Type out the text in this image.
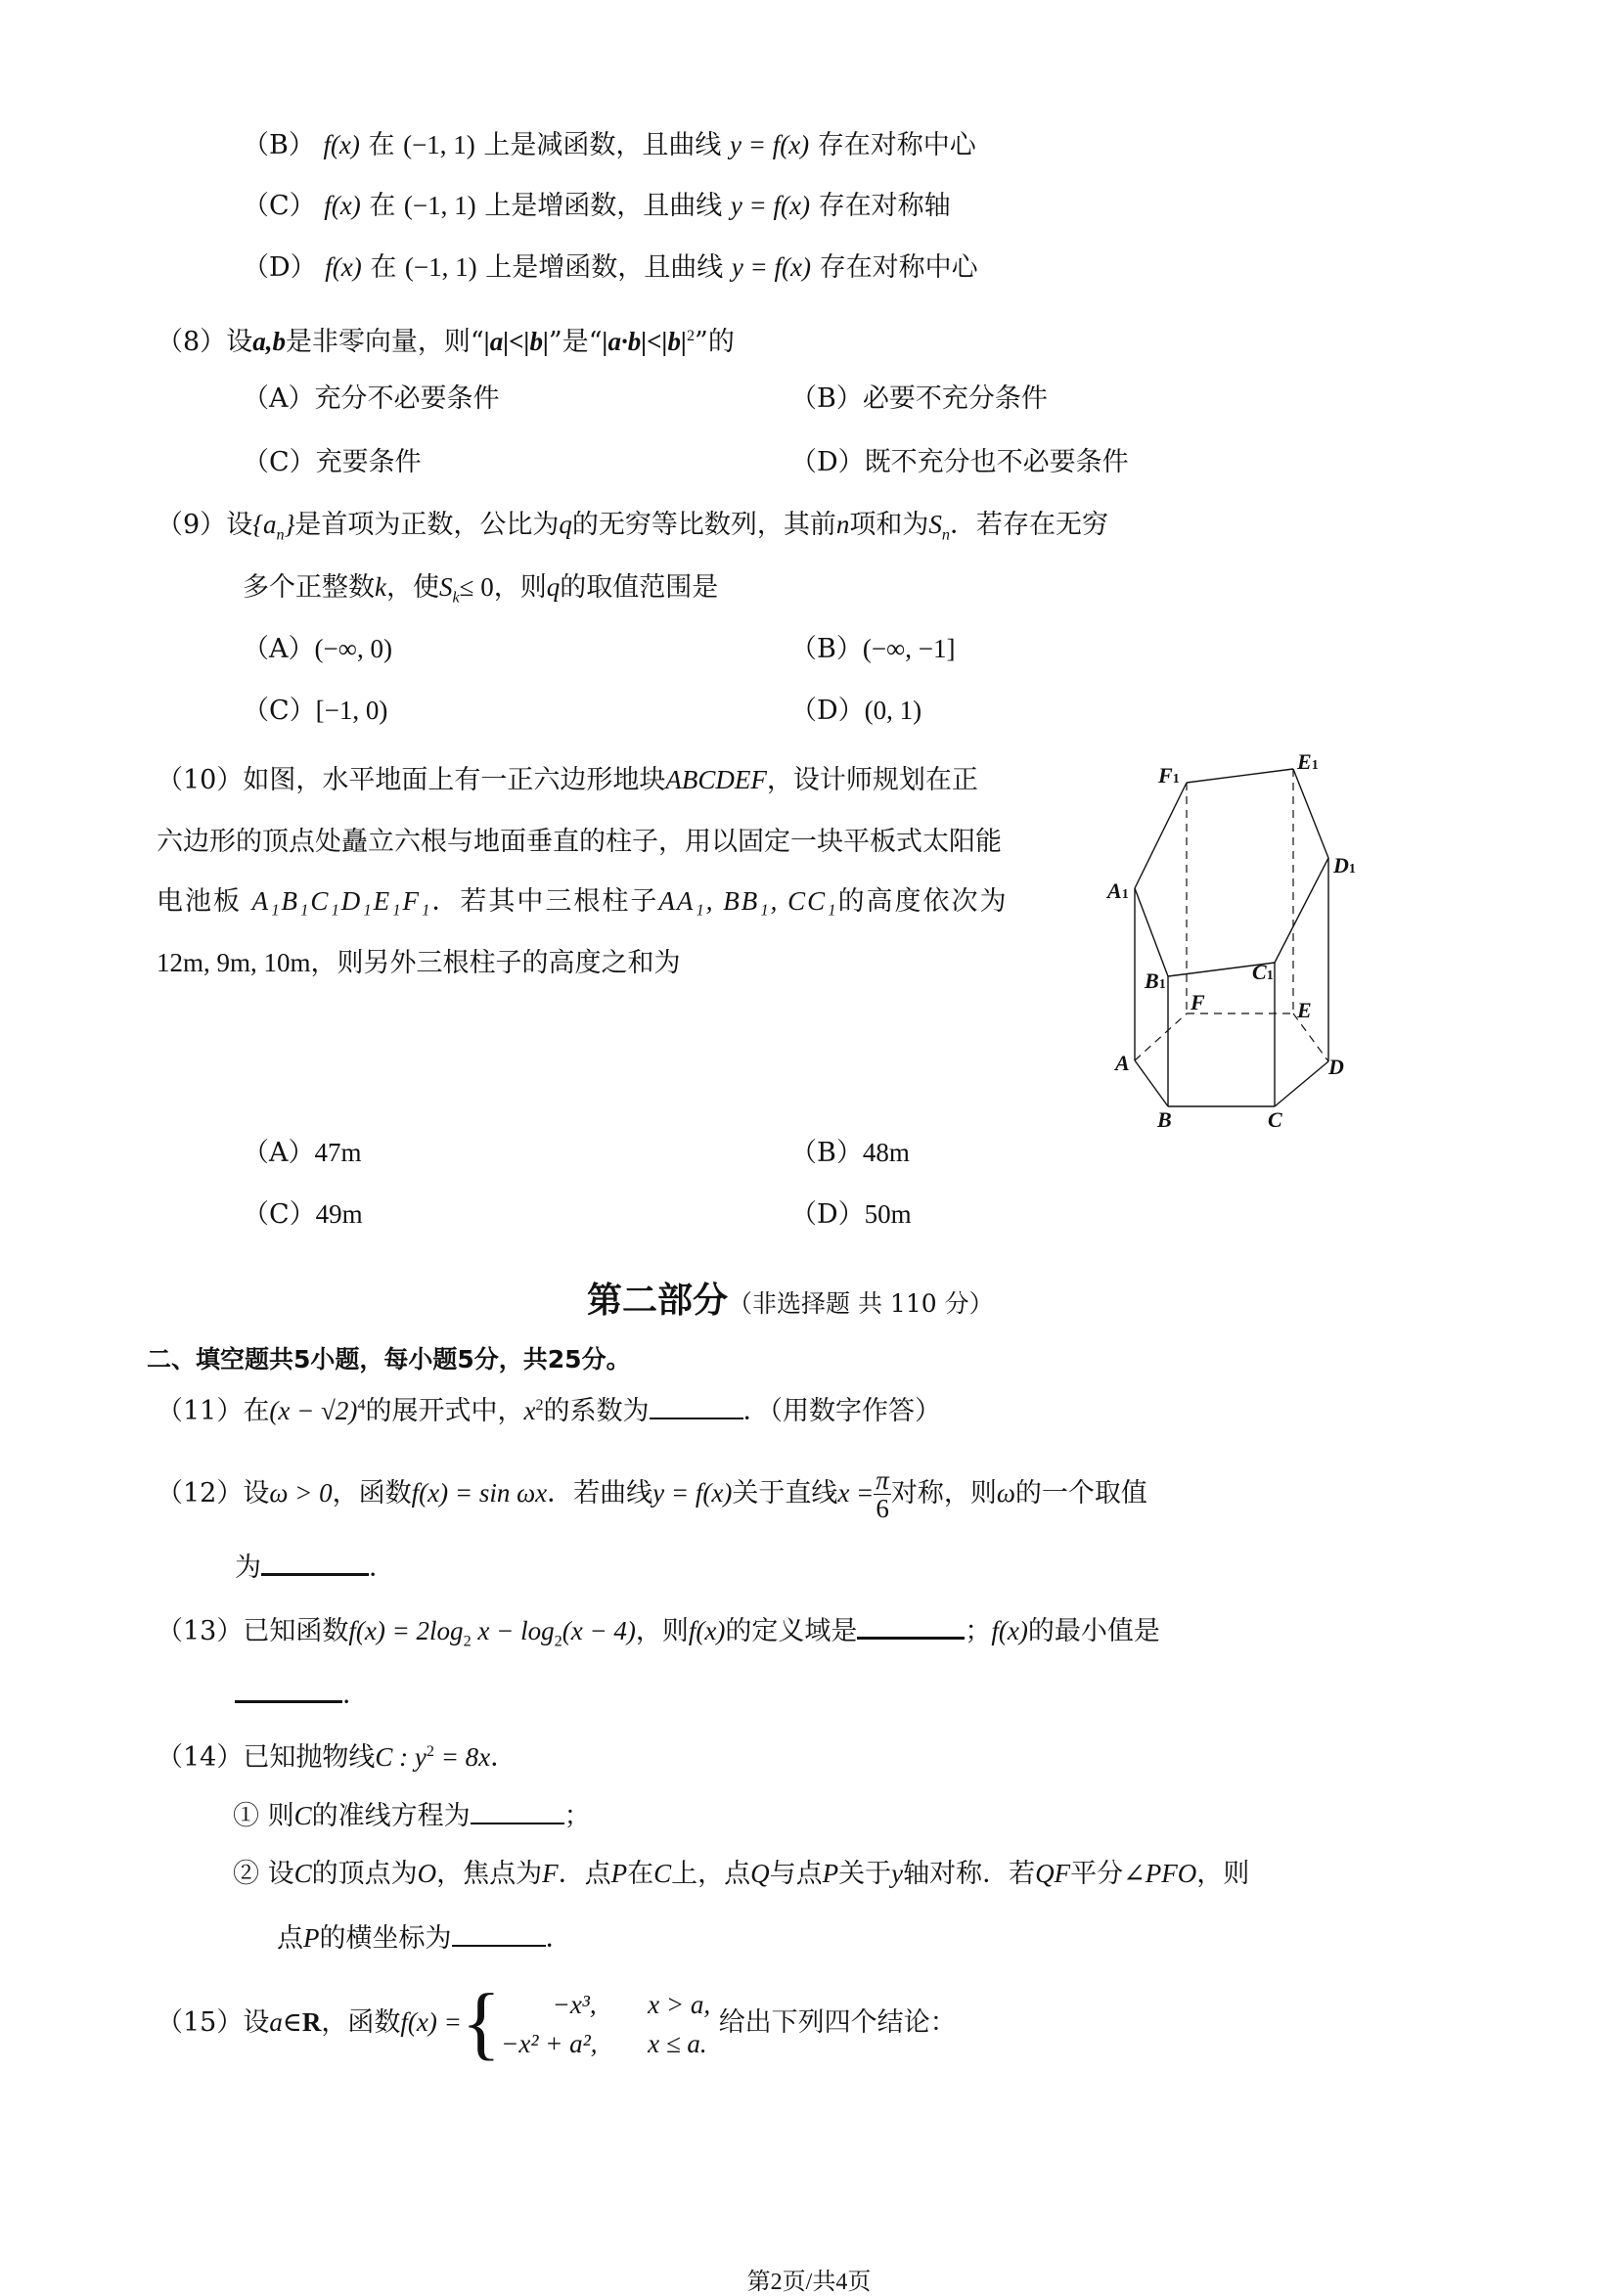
（B） f(x) 在 (−1, 1) 上是减函数，且曲线 y = f(x) 存在对称中心
（C） f(x) 在 (−1, 1) 上是增函数，且曲线 y = f(x) 存在对称轴
（D） f(x) 在 (−1, 1) 上是增函数，且曲线 y = f(x) 存在对称中心
（8）设a,b是非零向量，则“|a|<|b|”是“$|a\cdot b|<|b|^2$”的
（A）充分不必要条件	（B）必要不充分条件
（C）充要条件	（D）既不充分也不必要条件
（9）设$\{a_n\}$是首项为正数，公比为q的无穷等比数列，其前n项和为$S_n$．若存在无穷
多个正整数k，使$S_k\le 0$，则q的取值范围是
（A）(−∞, 0)	（B）(−∞, −1]
（C）[−1, 0)	（D）(0, 1)
（10）如图，水平地面上有一正六边形地块ABCDEF，设计师规划在正
六边形的顶点处矗立六根与地面垂直的柱子，用以固定一块平板式太阳能
电池板 A₁B₁C₁D₁E₁F₁．若其中三根柱子AA₁, BB₁, CC₁的高度依次为
12m, 9m, 10m，则另外三根柱子的高度之和为
F1
E1
D1
A1
B1
C1
F	E
A	D
B	C
（A）47m	（B）48m
（C）49m	（D）50m
第二部分（非选择题 共 110 分）
二、填空题共5小题，每小题5分，共25分。
（11）在$(x - √2)^4$的展开式中，$x^2$的系数为	．（用数字作答）
（12）设ω > 0，函数f(x) = sin ωx．若曲线y = f(x)关于直线$x = \frac{\pi}{6}$ 对称，则ω的一个取值
为	．
（13）已知函数$f(x) = 2\log_2$ $x - \log_2(x - 4)$，则f(x)的定义域是	；f(x)的最小值是
．
（14）已知抛物线C : $y^2 = 8x$．
① 则C的准线方程为	；
② 设C的顶点为O，焦点为F．点P在C上，点Q与点P关于y轴对称．若QF平分∠PFO，则
点P的横坐标为	．
（15）设a∈R，函数f(x) ={	−x³, x > a,
−x² + a², x ≤ a.
给出下列四个结论：
第2页/共4页
